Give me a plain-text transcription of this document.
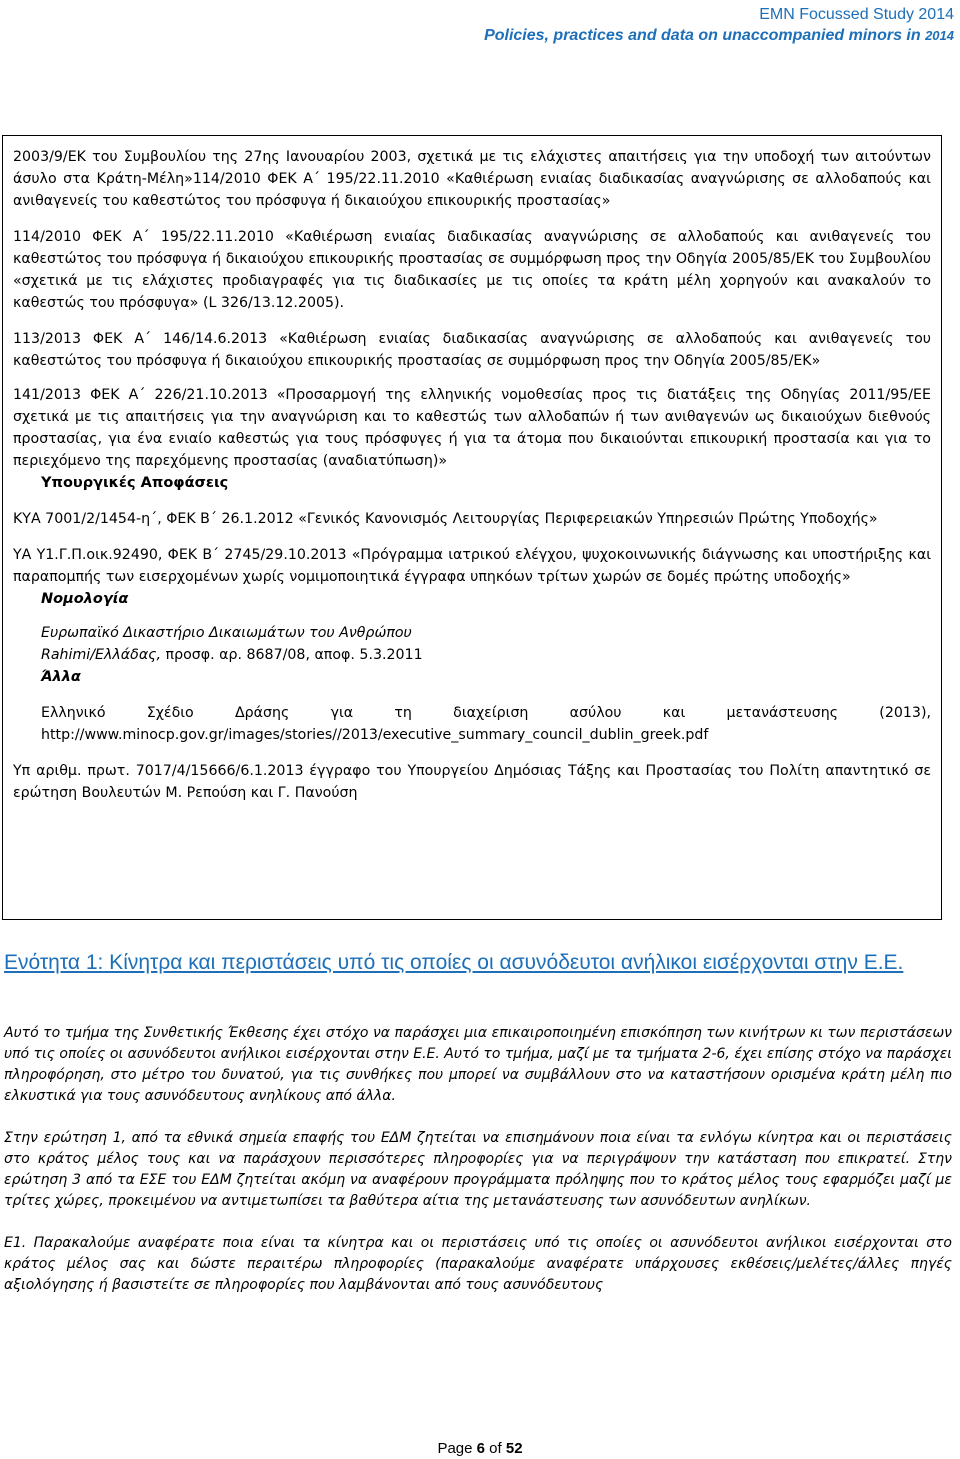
EMN Focussed Study 2014
Policies, practices and data on unaccompanied minors in 2014

2003/9/ΕΚ του Συμβουλίου της 27ης Ιανουαρίου 2003, σχετικά με τις ελάχιστες απαιτήσεις για την υποδοχή των αιτούντων άσυλο στα Κράτη-Μέλη»114/2010 ΦΕΚ Α΄ 195/22.11.2010 «Καθιέρωση ενιαίας διαδικασίας αναγνώρισης σε αλλοδαπούς και ανιθαγενείς του καθεστώτος του πρόσφυγα ή δικαιούχου επικουρικής προστασίας»

114/2010 ΦΕΚ Α΄ 195/22.11.2010 «Καθιέρωση ενιαίας διαδικασίας αναγνώρισης σε αλλοδαπούς και ανιθαγενείς του καθεστώτος του πρόσφυγα ή δικαιούχου επικουρικής προστασίας σε συμμόρφωση προς την Οδηγία 2005/85/ΕΚ του Συμβουλίου «σχετικά με τις ελάχιστες προδιαγραφές για τις διαδικασίες με τις οποίες τα κράτη μέλη χορηγούν και ανακαλούν το καθεστώς του πρόσφυγα» (L 326/13.12.2005).

113/2013 ΦΕΚ Α΄ 146/14.6.2013 «Καθιέρωση ενιαίας διαδικασίας αναγνώρισης σε αλλοδαπούς και ανιθαγενείς του καθεστώτος του πρόσφυγα ή δικαιούχου επικουρικής προστασίας σε συμμόρφωση προς την Οδηγία 2005/85/ΕΚ»

141/2013 ΦΕΚ Α΄ 226/21.10.2013 «Προσαρμογή της ελληνικής νομοθεσίας προς τις διατάξεις της Οδηγίας 2011/95/ΕΕ σχετικά με τις απαιτήσεις για την αναγνώριση και το καθεστώς των αλλοδαπών ή των ανιθαγενών ως δικαιούχων διεθνούς προστασίας, για ένα ενιαίο καθεστώς για τους πρόσφυγες ή για τα άτομα που δικαιούνται επικουρική προστασία και για το περιεχόμενο της παρεχόμενης προστασίας (αναδιατύπωση)»

Υπουργικές Αποφάσεις

ΚΥΑ 7001/2/1454-η΄, ΦΕΚ Β΄ 26.1.2012 «Γενικός Κανονισμός Λειτουργίας Περιφερειακών Υπηρεσιών Πρώτης Υποδοχής»

ΥΑ Υ1.Γ.Π.οικ.92490, ΦΕΚ Β΄ 2745/29.10.2013 «Πρόγραμμα ιατρικού ελέγχου, ψυχοκοινωνικής διάγνωσης και υποστήριξης και παραπομπής των εισερχομένων χωρίς νομιμοποιητικά έγγραφα υπηκόων τρίτων χωρών σε δομές πρώτης υποδοχής»

Νομολογία

Ευρωπαϊκό Δικαστήριο Δικαιωμάτων του Ανθρώπου
Rahimi/Ελλάδας, προσφ. αρ. 8687/08, αποφ. 5.3.2011

Άλλα

Ελληνικό Σχέδιο Δράσης για τη διαχείριση ασύλου και μετανάστευσης (2013), http://www.minocp.gov.gr/images/stories//2013/executive_summary_council_dublin_greek.pdf

Υπ αριθμ. πρωτ. 7017/4/15666/6.1.2013 έγγραφο του Υπουργείου Δημόσιας Τάξης και Προστασίας του Πολίτη απαντητικό σε ερώτηση Βουλευτών Μ. Ρεπούση και Γ. Πανούση

Ενότητα 1: Κίνητρα και περιστάσεις υπό τις οποίες οι ασυνόδευτοι ανήλικοι εισέρχονται στην Ε.Ε.

Αυτό το τμήμα της Συνθετικής Έκθεσης έχει στόχο να παράσχει μια επικαιροποιημένη επισκόπηση των κινήτρων κι των περιστάσεων υπό τις οποίες οι ασυνόδευτοι ανήλικοι εισέρχονται στην Ε.Ε. Αυτό το τμήμα, μαζί με τα τμήματα 2-6, έχει επίσης στόχο να παράσχει πληροφόρηση, στο μέτρο του δυνατού, για τις συνθήκες που μπορεί να συμβάλλουν στο να καταστήσουν ορισμένα κράτη μέλη πιο ελκυστικά για τους ασυνόδευτους ανηλίκους από άλλα.

Στην ερώτηση 1, από τα εθνικά σημεία επαφής του ΕΔΜ ζητείται να επισημάνουν ποια είναι τα ενλόγω κίνητρα και οι περιστάσεις στο κράτος μέλος τους και να παράσχουν περισσότερες πληροφορίες για να περιγράψουν την κατάσταση που επικρατεί. Στην ερώτηση 3 από τα ΕΣΕ του ΕΔΜ ζητείται ακόμη να αναφέρουν προγράμματα πρόληψης που το κράτος μέλος τους εφαρμόζει μαζί με τρίτες χώρες, προκειμένου να αντιμετωπίσει τα βαθύτερα αίτια της μετανάστευσης των ασυνόδευτων ανηλίκων.

Ε1. Παρακαλούμε αναφέρατε ποια είναι τα κίνητρα και οι περιστάσεις υπό τις οποίες οι ασυνόδευτοι ανήλικοι εισέρχονται στο κράτος μέλος σας και δώστε περαιτέρω πληροφορίες (παρακαλούμε αναφέρατε υπάρχουσες εκθέσεις/μελέτες/άλλες πηγές αξιολόγησης ή βασιστείτε σε πληροφορίες που λαμβάνονται από τους ασυνόδευτους

Page 6 of 52
